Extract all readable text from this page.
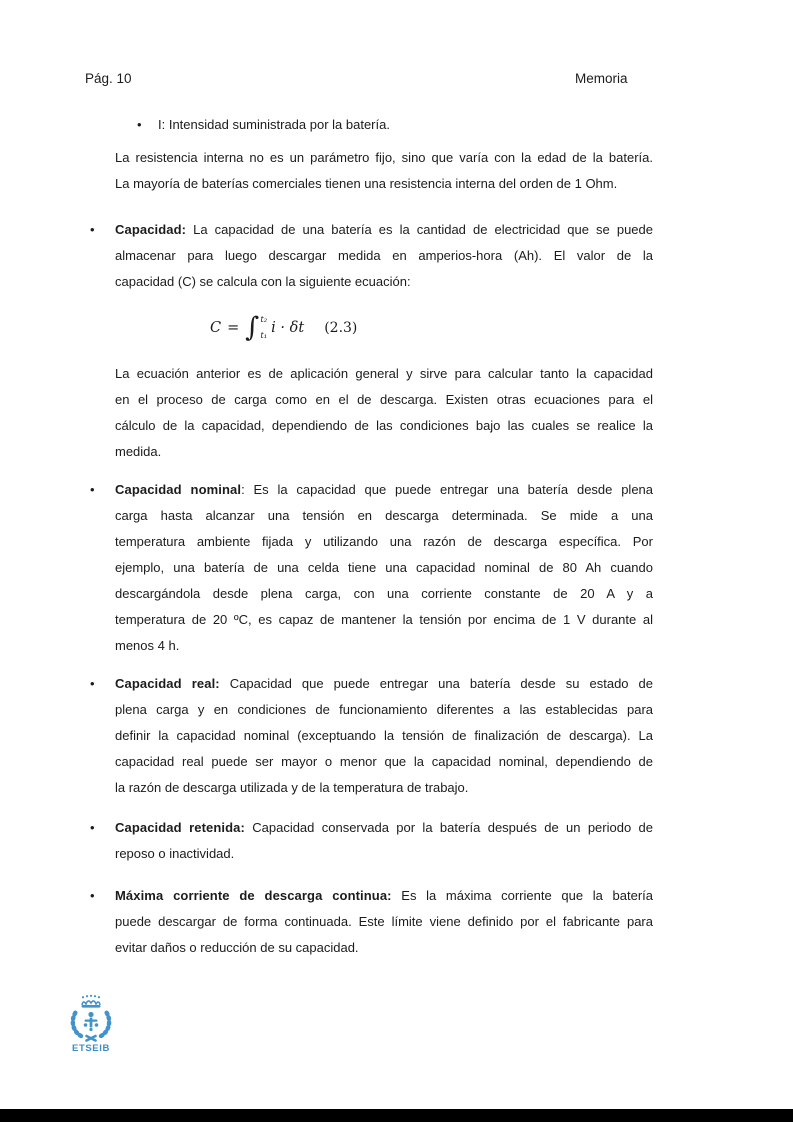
Pág. 10	Memoria
• I: Intensidad suministrada por la batería.
La resistencia interna no es un parámetro fijo, sino que varía con la edad de la batería.
La mayoría de baterías comerciales tienen una resistencia interna del orden de 1 Ohm.
• Capacidad: La capacidad de una batería es la cantidad de electricidad que se puede
almacenar para luego descargar medida en amperios-hora (Ah). El valor de la
capacidad (C) se calcula con la siguiente ecuación:
C = ∫ t₂
t₁ i · δt (2.3)
La ecuación anterior es de aplicación general y sirve para calcular tanto la capacidad
en el proceso de carga como en el de descarga. Existen otras ecuaciones para el
cálculo de la capacidad, dependiendo de las condiciones bajo las cuales se realice la
medida.
• Capacidad nominal: Es la capacidad que puede entregar una batería desde plena
carga hasta alcanzar una tensión en descarga determinada. Se mide a una
temperatura ambiente fijada y utilizando una razón de descarga específica. Por
ejemplo, una batería de una celda tiene una capacidad nominal de 80 Ah cuando
descargándola desde plena carga, con una corriente constante de 20 A y a
temperatura de 20 ºC, es capaz de mantener la tensión por encima de 1 V durante al
menos 4 h.
• Capacidad real: Capacidad que puede entregar una batería desde su estado de
plena carga y en condiciones de funcionamiento diferentes a las establecidas para
definir la capacidad nominal (exceptuando la tensión de finalización de descarga). La
capacidad real puede ser mayor o menor que la capacidad nominal, dependiendo de
la razón de descarga utilizada y de la temperatura de trabajo.
• Capacidad retenida: Capacidad conservada por la batería después de un periodo de
reposo o inactividad.
• Máxima corriente de descarga continua: Es la máxima corriente que la batería
puede descargar de forma continuada. Este límite viene definido por el fabricante para
evitar daños o reducción de su capacidad.
ETSEIB
